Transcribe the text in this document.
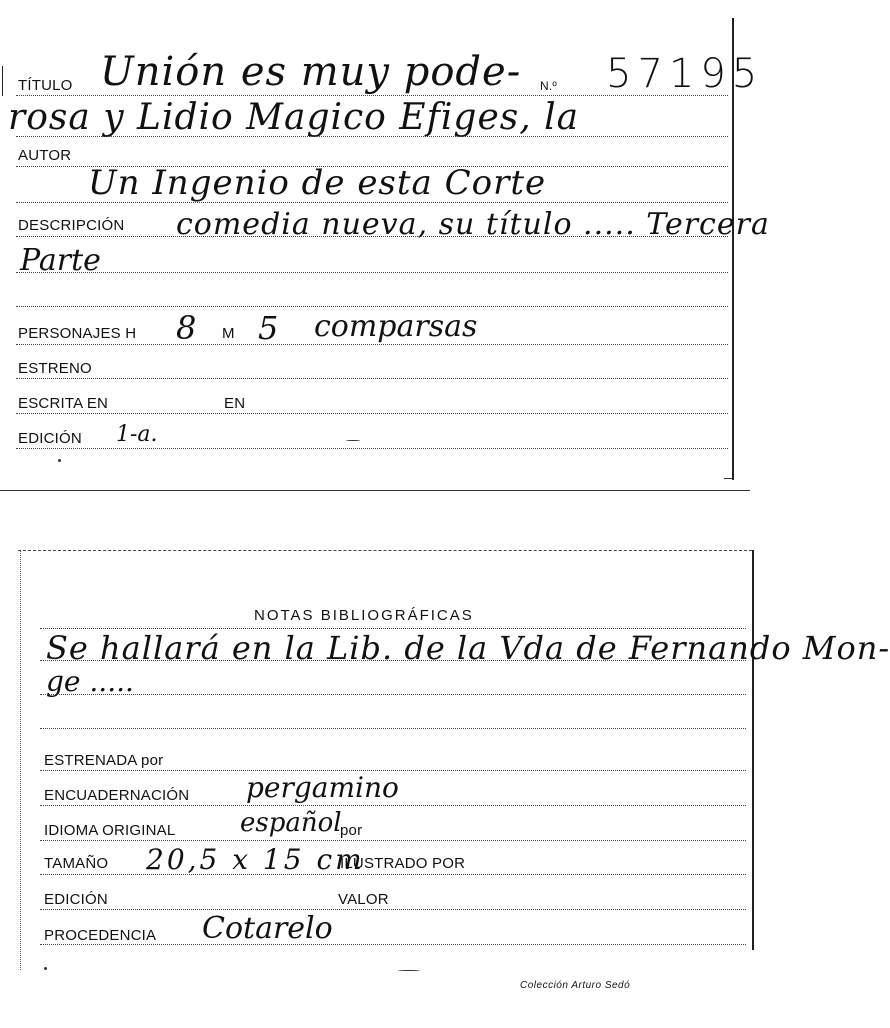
TÍTULO Unión es muy pode- N.º 57195
rosa y Lidio Magico Efiges, la
AUTOR
Un Ingenio de esta Corte
DESCRIPCIÓN comedia nueva, su título ..... Tercera
Parte
PERSONAJES H 8 M 5 comparsas
ESTRENO
ESCRITA EN	EN
EDICIÓN 1-a.
NOTAS BIBLIOGRÁFICAS
Se hallará en la Lib. de la Vda de Fernando Mon-
ge .....
ESTRENADA por
ENCUADERNACIÓN pergamino
IDIOMA ORIGINAL español
por
TAMAÑO 20,5 x 15 cm
ILUSTRADO POR
EDICIÓN	VALOR
PROCEDENCIA Cotarelo
Colección Arturo Sedó
